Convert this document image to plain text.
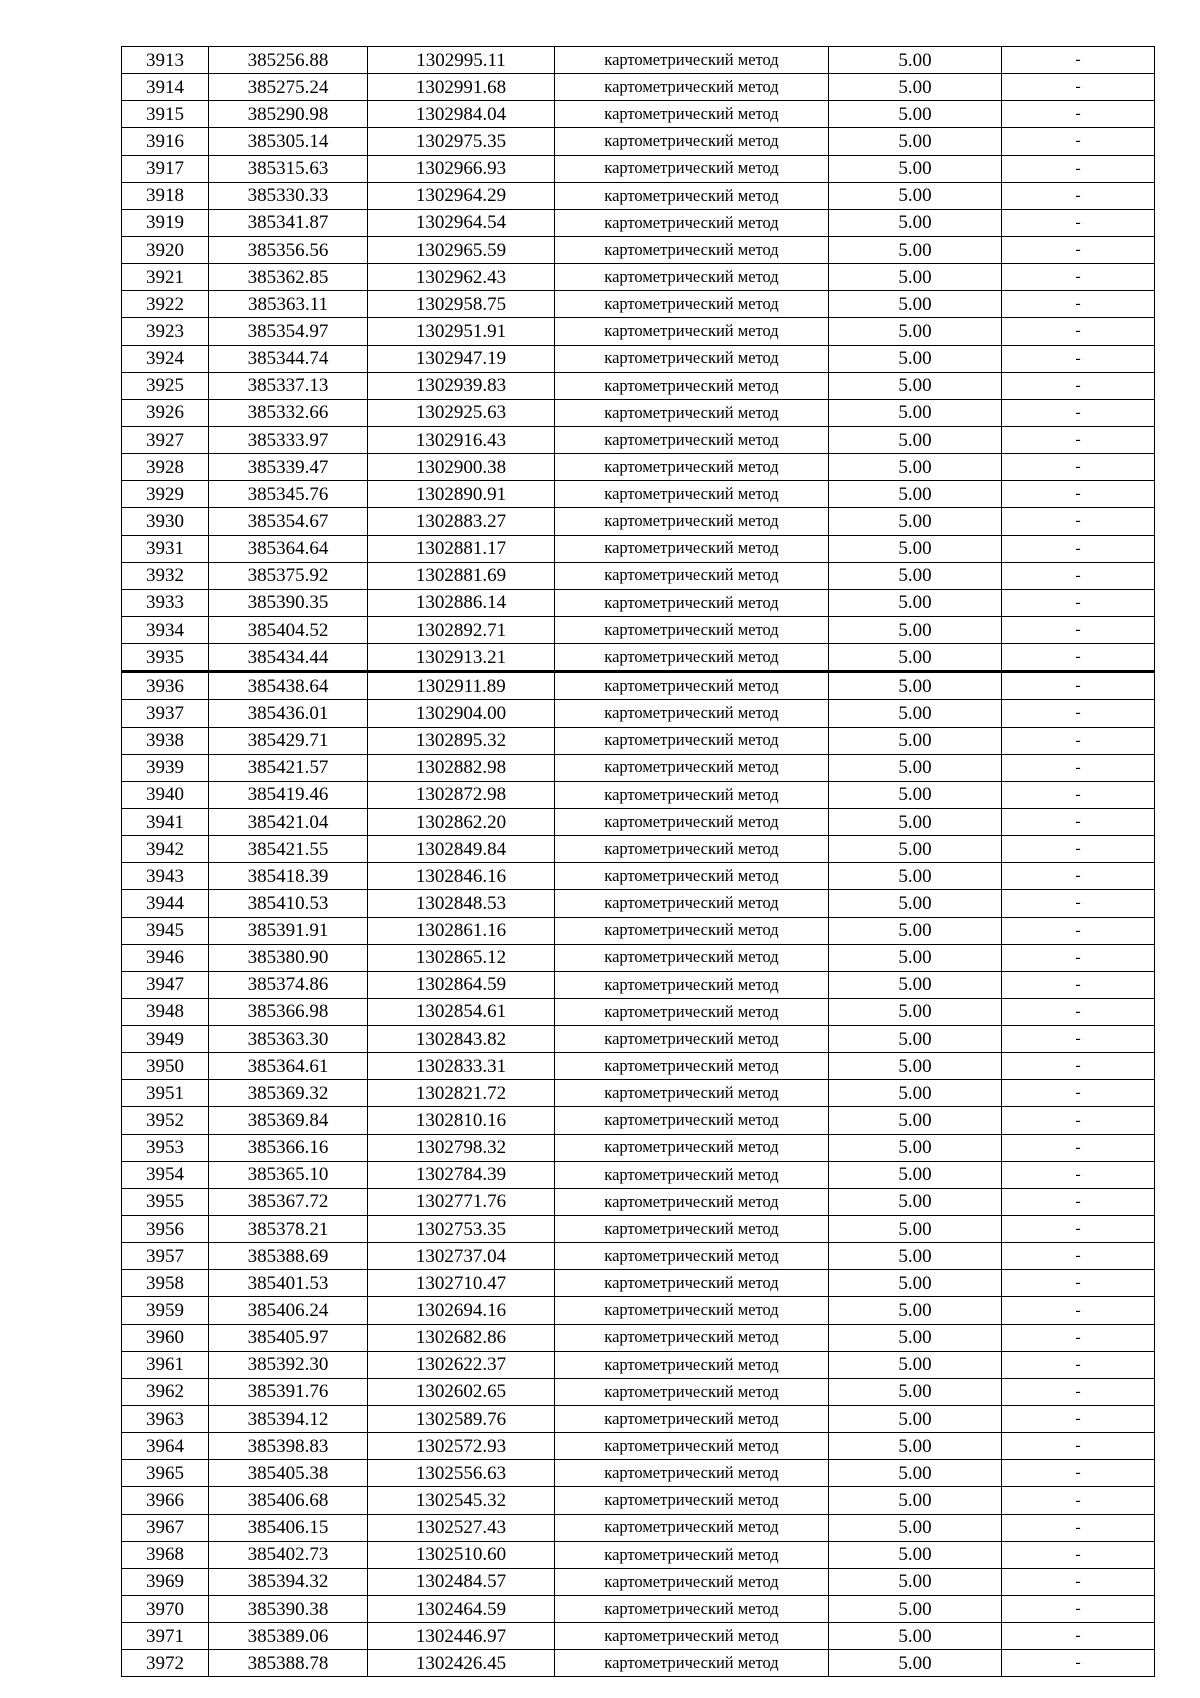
3913	385256.88	1302995.11	картометрический метод	5.00	-
3914	385275.24	1302991.68	картометрический метод	5.00	-
3915	385290.98	1302984.04	картометрический метод	5.00	-
3916	385305.14	1302975.35	картометрический метод	5.00	-
3917	385315.63	1302966.93	картометрический метод	5.00	-
3918	385330.33	1302964.29	картометрический метод	5.00	-
3919	385341.87	1302964.54	картометрический метод	5.00	-
3920	385356.56	1302965.59	картометрический метод	5.00	-
3921	385362.85	1302962.43	картометрический метод	5.00	-
3922	385363.11	1302958.75	картометрический метод	5.00	-
3923	385354.97	1302951.91	картометрический метод	5.00	-
3924	385344.74	1302947.19	картометрический метод	5.00	-
3925	385337.13	1302939.83	картометрический метод	5.00	-
3926	385332.66	1302925.63	картометрический метод	5.00	-
3927	385333.97	1302916.43	картометрический метод	5.00	-
3928	385339.47	1302900.38	картометрический метод	5.00	-
3929	385345.76	1302890.91	картометрический метод	5.00	-
3930	385354.67	1302883.27	картометрический метод	5.00	-
3931	385364.64	1302881.17	картометрический метод	5.00	-
3932	385375.92	1302881.69	картометрический метод	5.00	-
3933	385390.35	1302886.14	картометрический метод	5.00	-
3934	385404.52	1302892.71	картометрический метод	5.00	-
3935	385434.44	1302913.21	картометрический метод	5.00	-
3936	385438.64	1302911.89	картометрический метод	5.00	-
3937	385436.01	1302904.00	картометрический метод	5.00	-
3938	385429.71	1302895.32	картометрический метод	5.00	-
3939	385421.57	1302882.98	картометрический метод	5.00	-
3940	385419.46	1302872.98	картометрический метод	5.00	-
3941	385421.04	1302862.20	картометрический метод	5.00	-
3942	385421.55	1302849.84	картометрический метод	5.00	-
3943	385418.39	1302846.16	картометрический метод	5.00	-
3944	385410.53	1302848.53	картометрический метод	5.00	-
3945	385391.91	1302861.16	картометрический метод	5.00	-
3946	385380.90	1302865.12	картометрический метод	5.00	-
3947	385374.86	1302864.59	картометрический метод	5.00	-
3948	385366.98	1302854.61	картометрический метод	5.00	-
3949	385363.30	1302843.82	картометрический метод	5.00	-
3950	385364.61	1302833.31	картометрический метод	5.00	-
3951	385369.32	1302821.72	картометрический метод	5.00	-
3952	385369.84	1302810.16	картометрический метод	5.00	-
3953	385366.16	1302798.32	картометрический метод	5.00	-
3954	385365.10	1302784.39	картометрический метод	5.00	-
3955	385367.72	1302771.76	картометрический метод	5.00	-
3956	385378.21	1302753.35	картометрический метод	5.00	-
3957	385388.69	1302737.04	картометрический метод	5.00	-
3958	385401.53	1302710.47	картометрический метод	5.00	-
3959	385406.24	1302694.16	картометрический метод	5.00	-
3960	385405.97	1302682.86	картометрический метод	5.00	-
3961	385392.30	1302622.37	картометрический метод	5.00	-
3962	385391.76	1302602.65	картометрический метод	5.00	-
3963	385394.12	1302589.76	картометрический метод	5.00	-
3964	385398.83	1302572.93	картометрический метод	5.00	-
3965	385405.38	1302556.63	картометрический метод	5.00	-
3966	385406.68	1302545.32	картометрический метод	5.00	-
3967	385406.15	1302527.43	картометрический метод	5.00	-
3968	385402.73	1302510.60	картометрический метод	5.00	-
3969	385394.32	1302484.57	картометрический метод	5.00	-
3970	385390.38	1302464.59	картометрический метод	5.00	-
3971	385389.06	1302446.97	картометрический метод	5.00	-
3972	385388.78	1302426.45	картометрический метод	5.00	-
